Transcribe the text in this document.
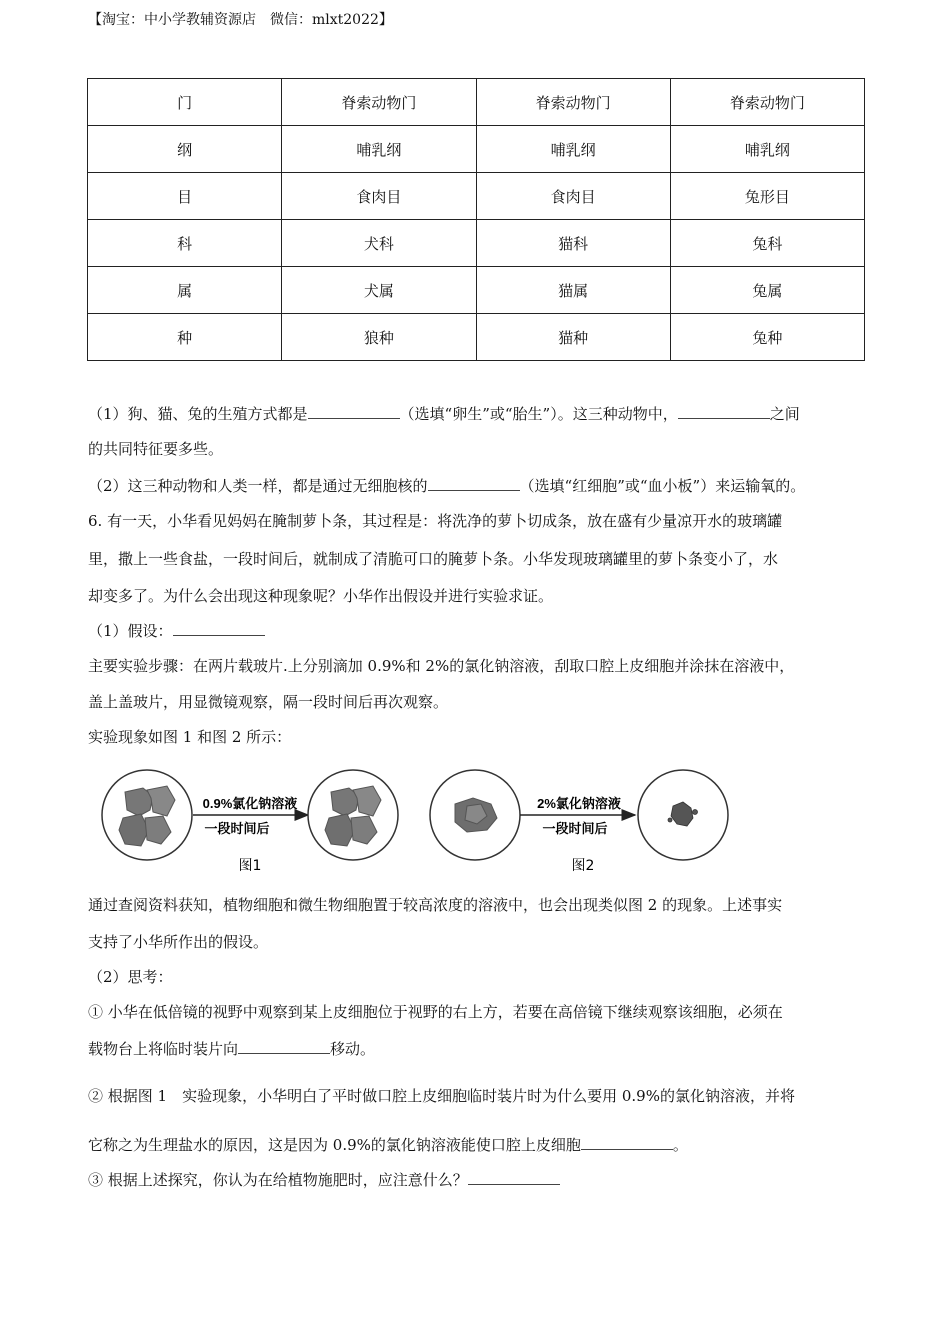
【淘宝：中小学教辅资源店　微信：mlxt2022】
门	脊索动物门	脊索动物门	脊索动物门
纲	哺乳纲	哺乳纲	哺乳纲
目	食肉目	食肉目	兔形目
科	犬科	猫科	兔科
属	犬属	猫属	兔属
种	狼种	猫种	兔种
（1）狗、猫、兔的生殖方式都是	（选填“卵生”或“胎生”）。这三种动物中，	之间
的共同特征要多些。
（2）这三种动物和人类一样，都是通过无细胞核的	（选填“红细胞”或“血小板”）来运输氧的。
6. 有一天，小华看见妈妈在腌制萝卜条，其过程是：将洗净的萝卜切成条，放在盛有少量凉开水的玻璃罐
里，撒上一些食盐，一段时间后，就制成了清脆可口的腌萝卜条。小华发现玻璃罐里的萝卜条变小了，水
却变多了。为什么会出现这种现象呢？小华作出假设并进行实验求证。
（1）假设：
主要实验步骤：在两片载玻片.上分别滴加 0.9%和 2%的氯化钠溶液，刮取口腔上皮细胞并涂抹在溶液中，
盖上盖玻片，用显微镜观察，隔一段时间后再次观察。
实验现象如图 1 和图 2 所示：
0.9%氯化钠溶液
一段时间后
图1
2%氯化钠溶液
一段时间后
图2
通过查阅资料获知，植物细胞和微生物细胞置于较高浓度的溶液中，也会出现类似图 2 的现象。上述事实
支持了小华所作出的假设。
（2）思考：
① 小华在低倍镜的视野中观察到某上皮细胞位于视野的右上方，若要在高倍镜下继续观察该细胞，必须在
载物台上将临时装片向	移动。
② 根据图 1　实验现象，小华明白了平时做口腔上皮细胞临时装片时为什么要用 0.9%的氯化钠溶液，并将
它称之为生理盐水的原因，这是因为 0.9%的氯化钠溶液能使口腔上皮细胞	。
③ 根据上述探究，你认为在给植物施肥时，应注意什么？
